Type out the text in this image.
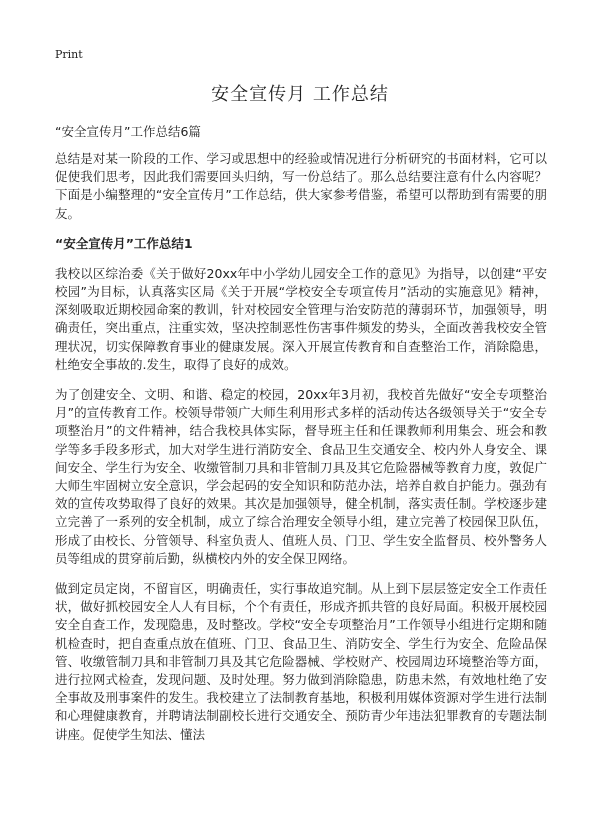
Print
安全宣传月 工作总结

“安全宣传月”工作总结6篇

总结是对某一阶段的工作、学习或思想中的经验或情况进行分析研究的书面材料，它可以促使我们思考，因此我们需要回头归纳，写一份总结了。那么总结要注意有什么内容呢？下面是小编整理的“安全宣传月”工作总结，供大家参考借鉴，希望可以帮助到有需要的朋友。

“安全宣传月”工作总结1

我校以区综治委《关于做好20xx年中小学幼儿园安全工作的意见》为指导，以创建“平安校园”为目标，认真落实区局《关于开展“学校安全专项宣传月”活动的实施意见》精神，深刻吸取近期校园命案的教训，针对校园安全管理与治安防范的薄弱环节，加强领导，明确责任，突出重点，注重实效，坚决控制恶性伤害事件频发的势头，全面改善我校安全管理状况，切实保障教育事业的健康发展。深入开展宣传教育和自查整治工作，消除隐患，杜绝安全事故的.发生，取得了良好的成效。

为了创建安全、文明、和谐、稳定的校园，20xx年3月初，我校首先做好“安全专项整治月”的宣传教育工作。校领导带领广大师生利用形式多样的活动传达各级领导关于“安全专项整治月”的文件精神，结合我校具体实际，督导班主任和任课教师利用集会、班会和教学等多手段多形式，加大对学生进行消防安全、食品卫生交通安全、校内外人身安全、课间安全、学生行为安全、收缴管制刀具和非管制刀具及其它危险器械等教育力度，敦促广大师生牢固树立安全意识，学会起码的安全知识和防范办法，培养自救自护能力。强劲有效的宣传攻势取得了良好的效果。其次是加强领导，健全机制，落实责任制。学校逐步建立完善了一系列的安全机制，成立了综合治理安全领导小组，建立完善了校园保卫队伍，形成了由校长、分管领导、科室负责人、值班人员、门卫、学生安全监督员、校外警务人员等组成的贯穿前后勤，纵横校内外的安全保卫网络。

做到定员定岗，不留盲区，明确责任，实行事故追究制。从上到下层层签定安全工作责任状，做好抓校园安全人人有目标，个个有责任，形成齐抓共管的良好局面。积极开展校园安全自查工作，发现隐患，及时整改。学校“安全专项整治月”工作领导小组进行定期和随机检查时，把自查重点放在值班、门卫、食品卫生、消防安全、学生行为安全、危险品保管、收缴管制刀具和非管制刀具及其它危险器械、学校财产、校园周边环境整治等方面，进行拉网式检查，发现问题、及时处理。努力做到消除隐患，防患未然，有效地杜绝了安全事故及刑事案件的发生。我校建立了法制教育基地，积极利用媒体资源对学生进行法制和心理健康教育，并聘请法制副校长进行交通安全、预防青少年违法犯罪教育的专题法制讲座。促使学生知法、懂法
